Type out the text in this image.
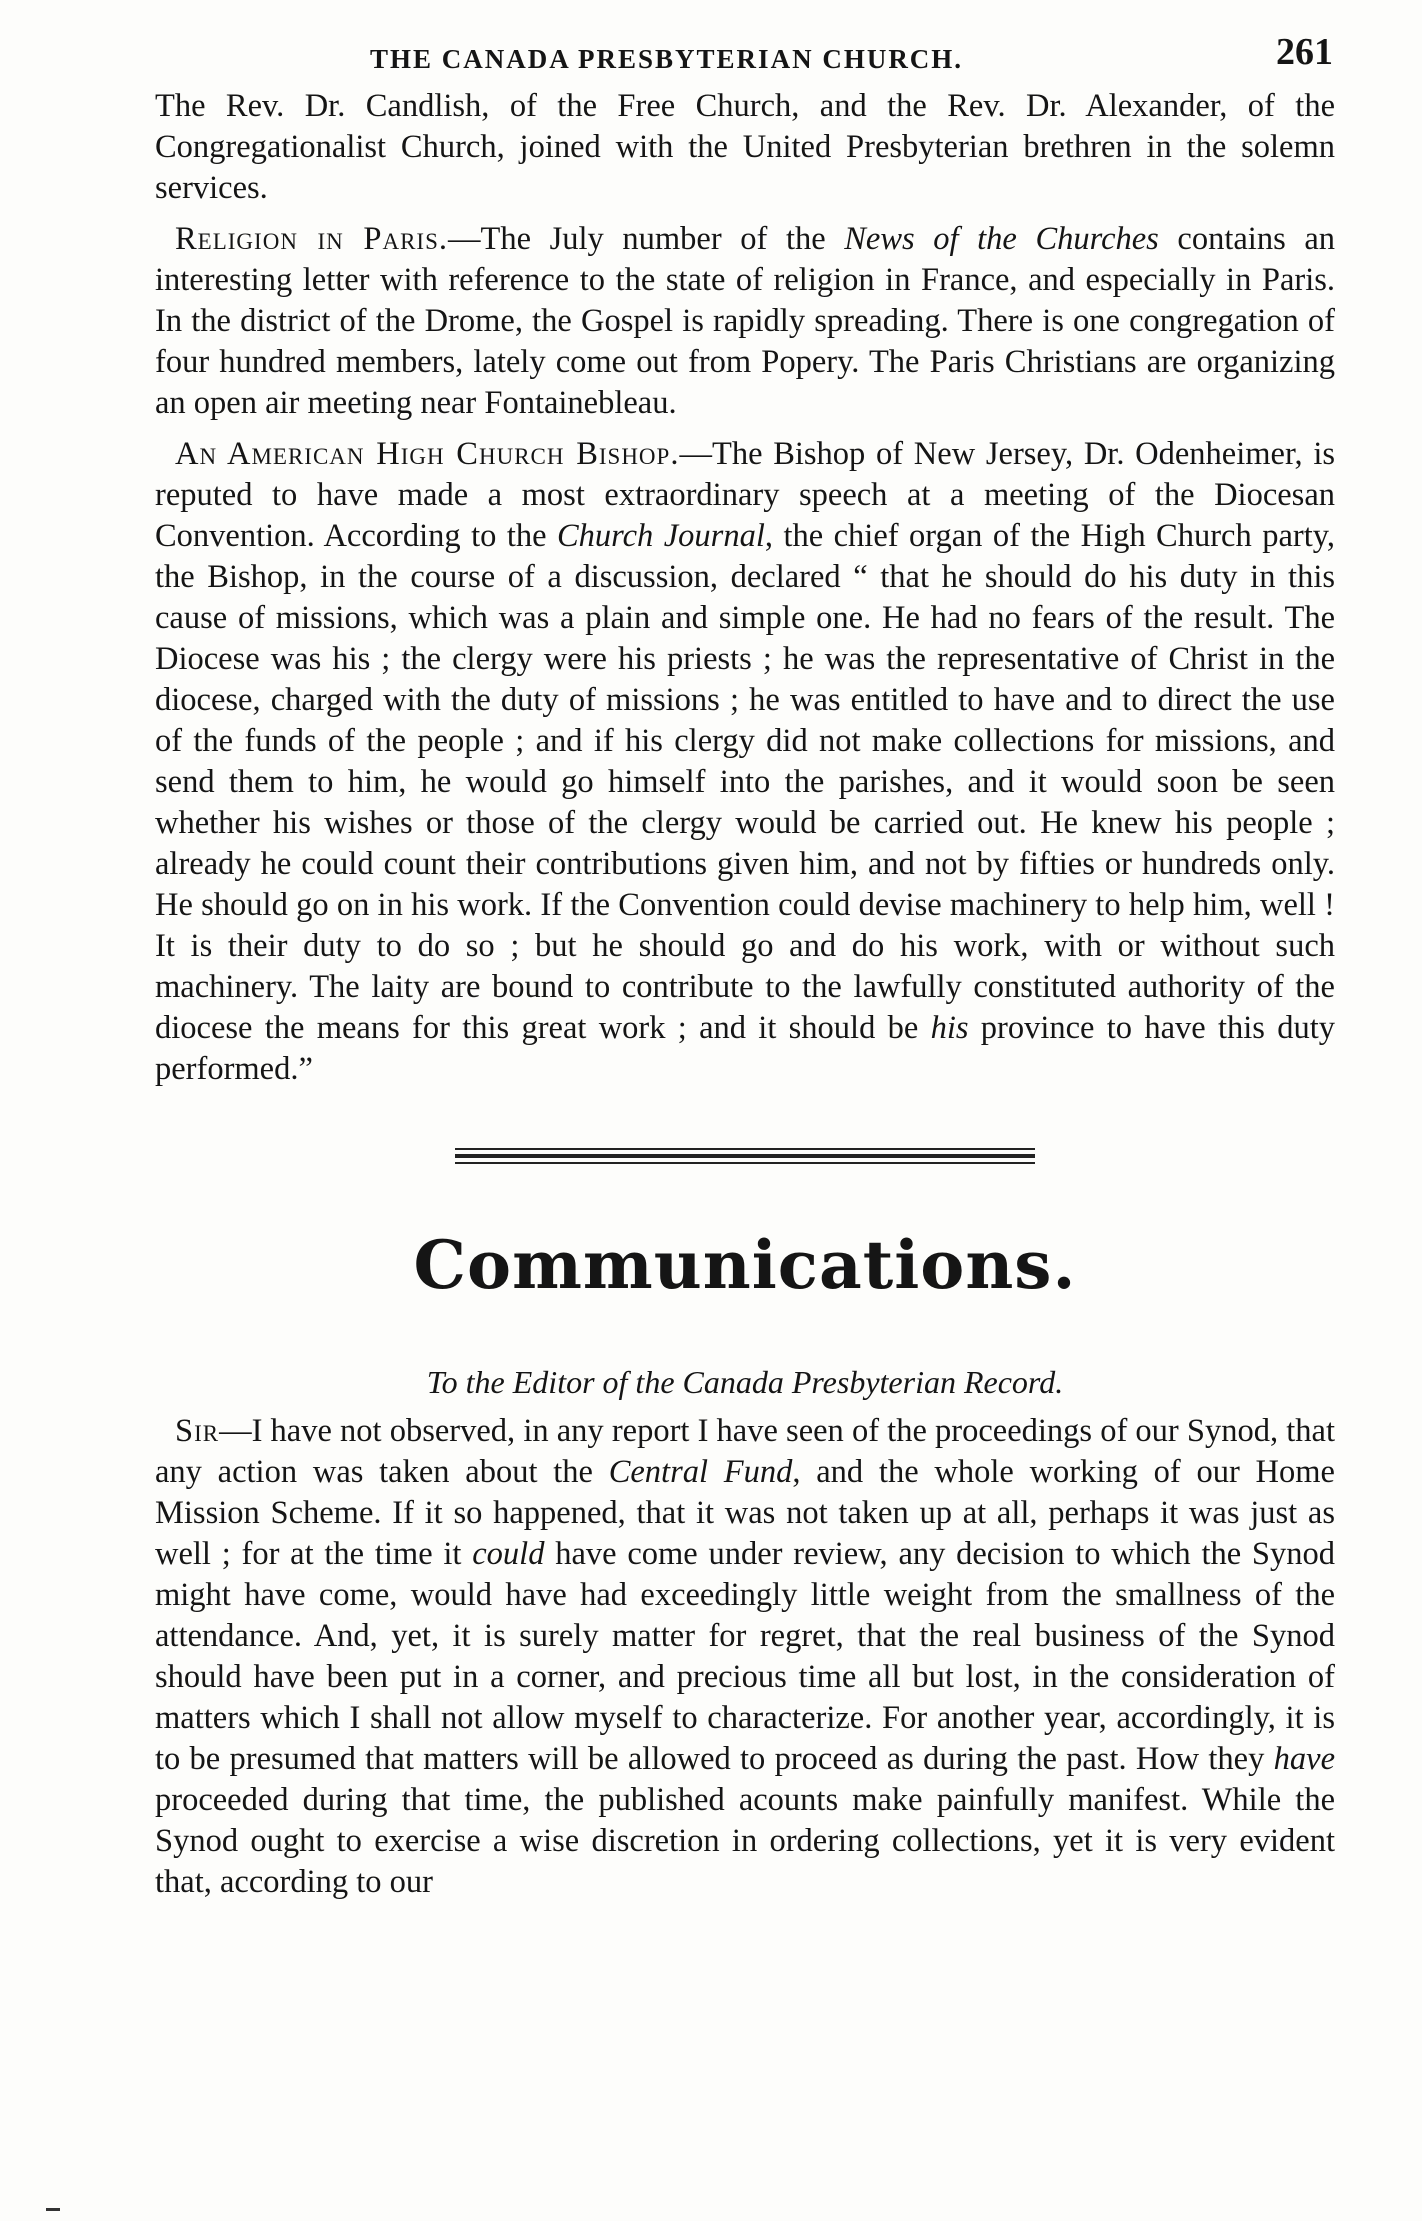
THE CANADA PRESBYTERIAN CHURCH.	261

The Rev. Dr. Candlish, of the Free Church, and the Rev. Dr. Alexander, of the Congregationalist Church, joined with the United Presbyterian brethren in the solemn services.

Religion in Paris.—The July number of the News of the Churches contains an interesting letter with reference to the state of religion in France, and especially in Paris. In the district of the Drome, the Gospel is rapidly spreading. There is one congregation of four hundred members, lately come out from Popery. The Paris Christians are organizing an open air meeting near Fontainebleau.

An American High Church Bishop.—The Bishop of New Jersey, Dr. Odenheimer, is reputed to have made a most extraordinary speech at a meeting of the Diocesan Convention. According to the Church Journal, the chief organ of the High Church party, the Bishop, in the course of a discussion, declared “ that he should do his duty in this cause of missions, which was a plain and simple one. He had no fears of the result. The Diocese was his ; the clergy were his priests ; he was the representative of Christ in the diocese, charged with the duty of missions ; he was entitled to have and to direct the use of the funds of the people ; and if his clergy did not make collections for missions, and send them to him, he would go himself into the parishes, and it would soon be seen whether his wishes or those of the clergy would be carried out. He knew his people ; already he could count their contributions given him, and not by fifties or hundreds only. He should go on in his work. If the Convention could devise machinery to help him, well ! It is their duty to do so ; but he should go and do his work, with or without such machinery. The laity are bound to contribute to the lawfully constituted authority of the diocese the means for this great work ; and it should be his province to have this duty performed.”

Communications.
To the Editor of the Canada Presbyterian Record.

Sir—I have not observed, in any report I have seen of the proceedings of our Synod, that any action was taken about the Central Fund, and the whole working of our Home Mission Scheme. If it so happened, that it was not taken up at all, perhaps it was just as well ; for at the time it could have come under review, any decision to which the Synod might have come, would have had exceedingly little weight from the smallness of the attendance. And, yet, it is surely matter for regret, that the real business of the Synod should have been put in a corner, and precious time all but lost, in the consideration of matters which I shall not allow myself to characterize. For another year, accordingly, it is to be presumed that matters will be allowed to proceed as during the past. How they have proceeded during that time, the published acounts make painfully manifest. While the Synod ought to exercise a wise discretion in ordering collections, yet it is very evident that, according to our
